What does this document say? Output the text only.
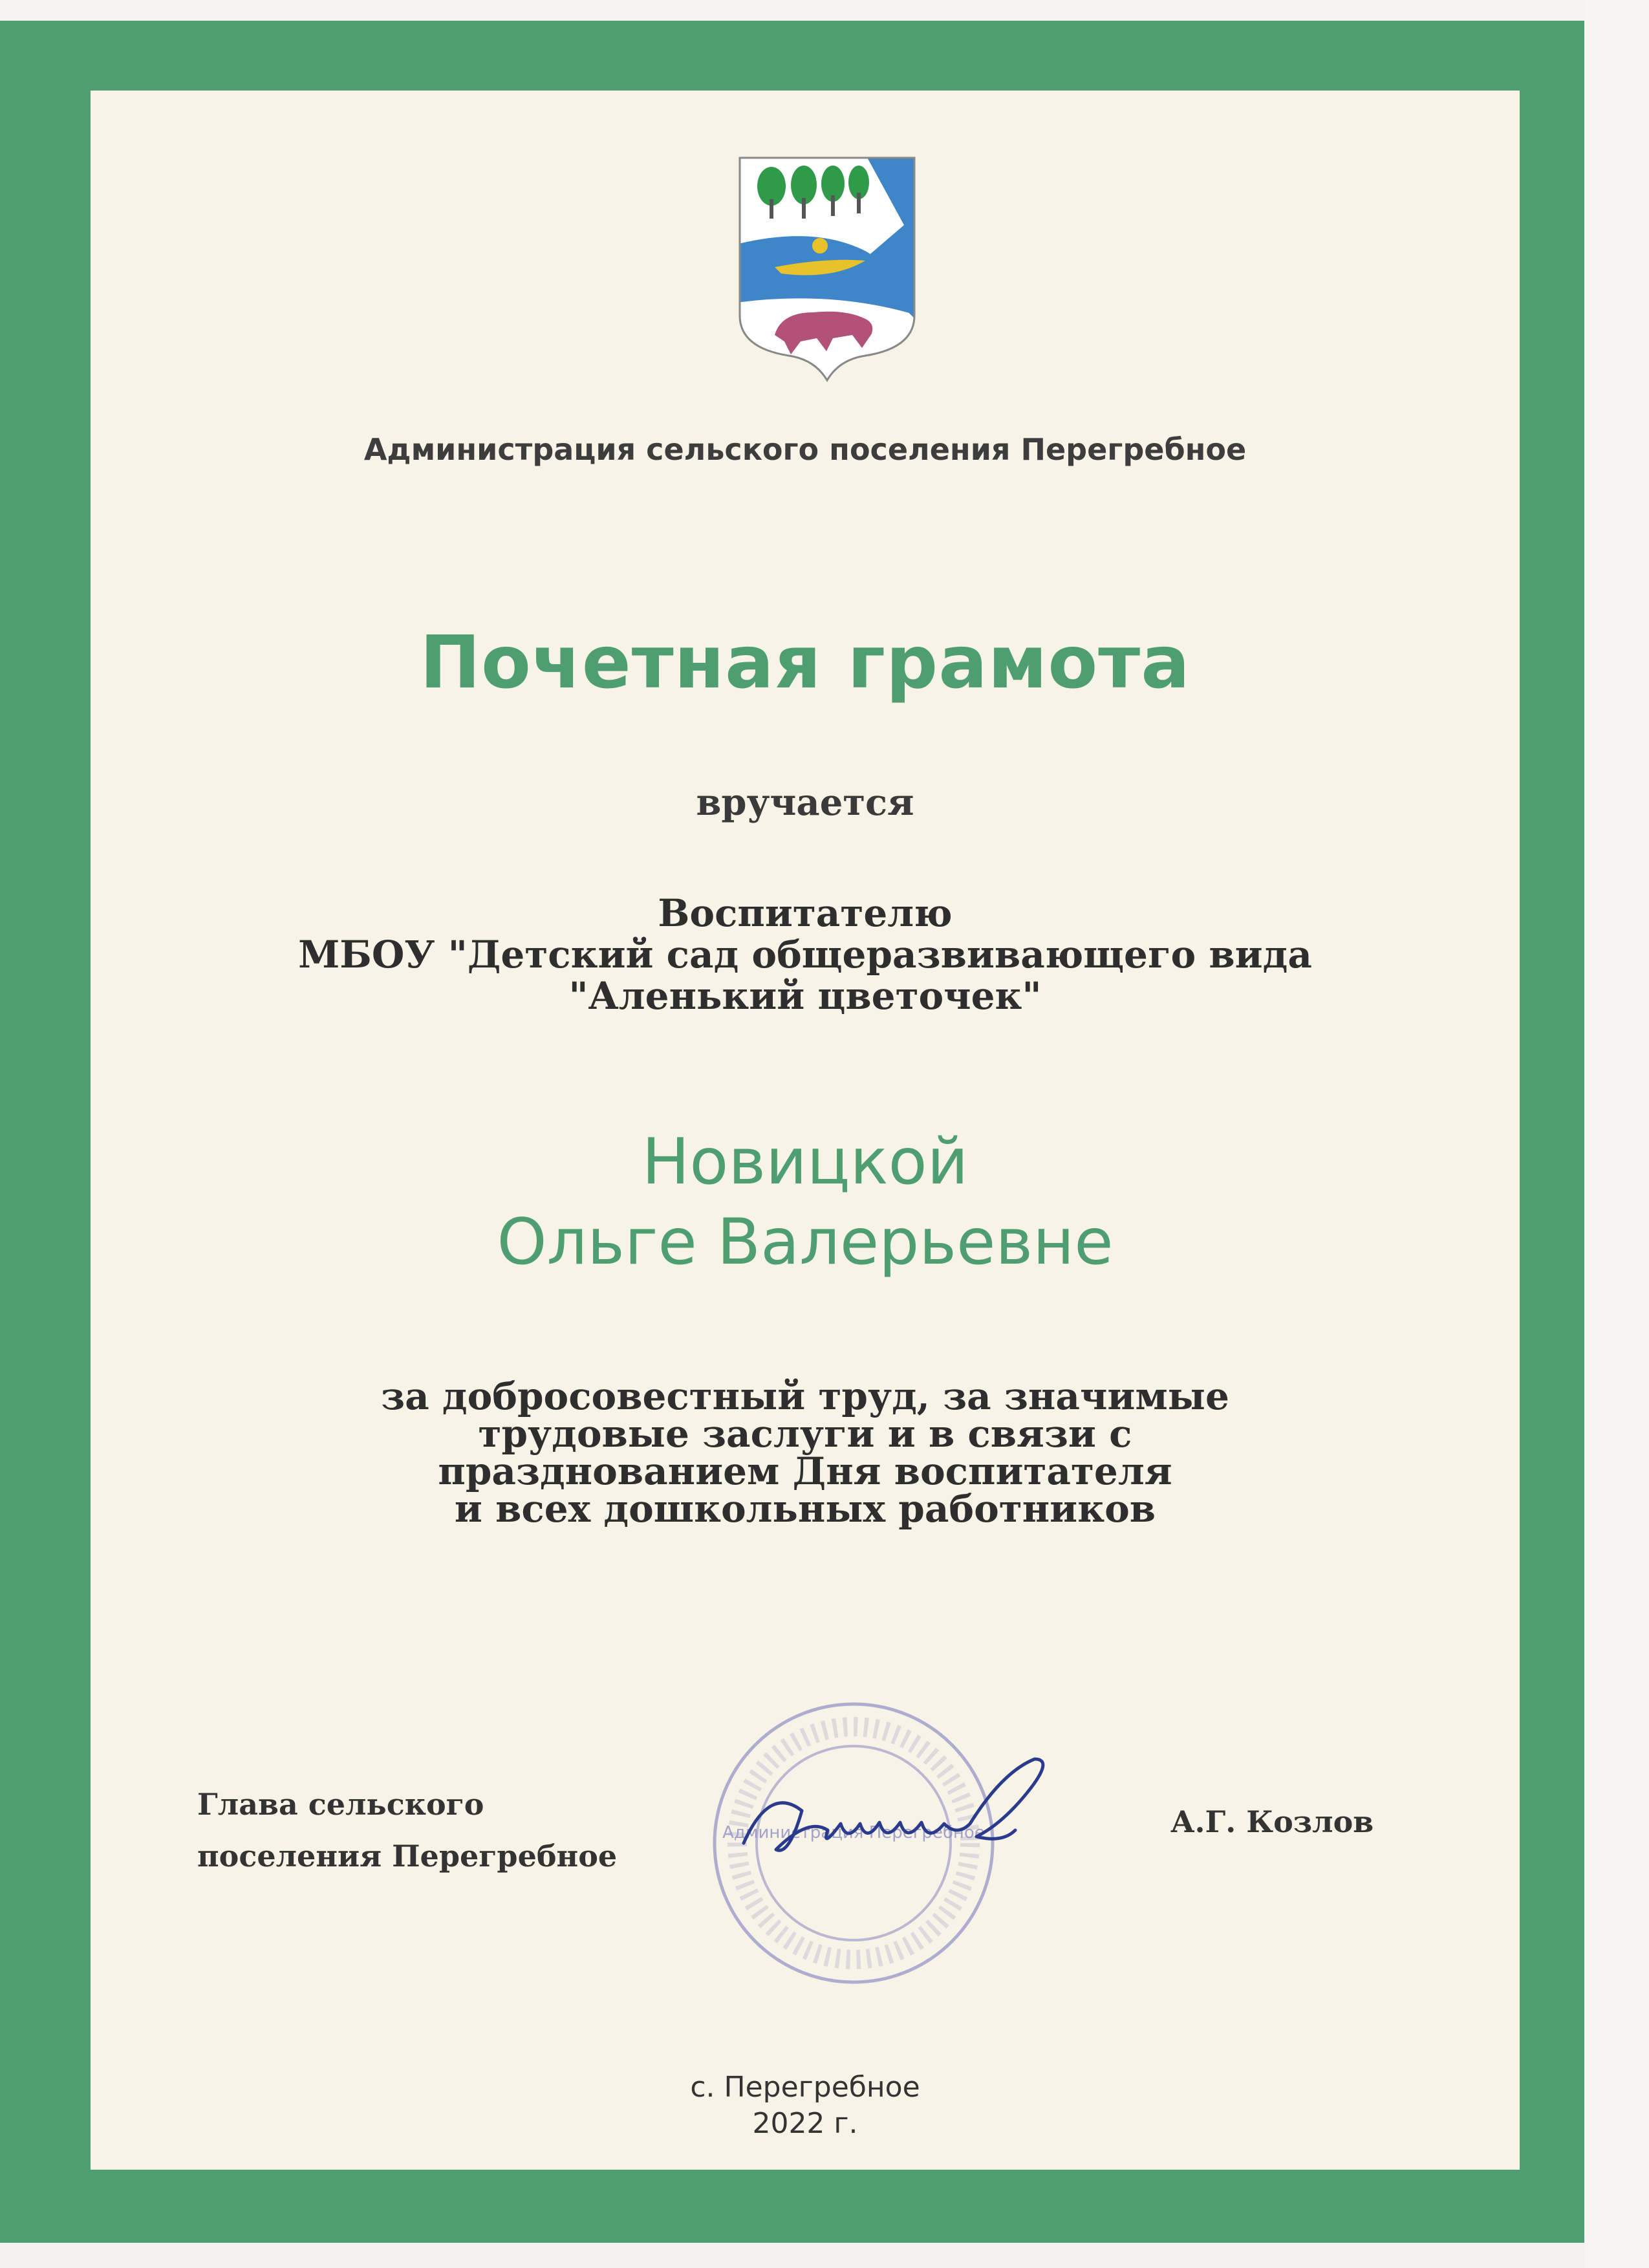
Администрация сельского поселения Перегребное

Почетная грамота

вручается

Воспитателю
МБОУ "Детский сад общеразвивающего вида
"Аленький цветочек"

Новицкой
Ольге Валерьевне

за добросовестный труд, за значимые
трудовые заслуги и в связи с
празднованием Дня воспитателя
и всех дошкольных работников

Глава сельского
поселения Перегребное

Администрация Перегребное	А.Г. Козлов

с. Перегребное
2022 г.
